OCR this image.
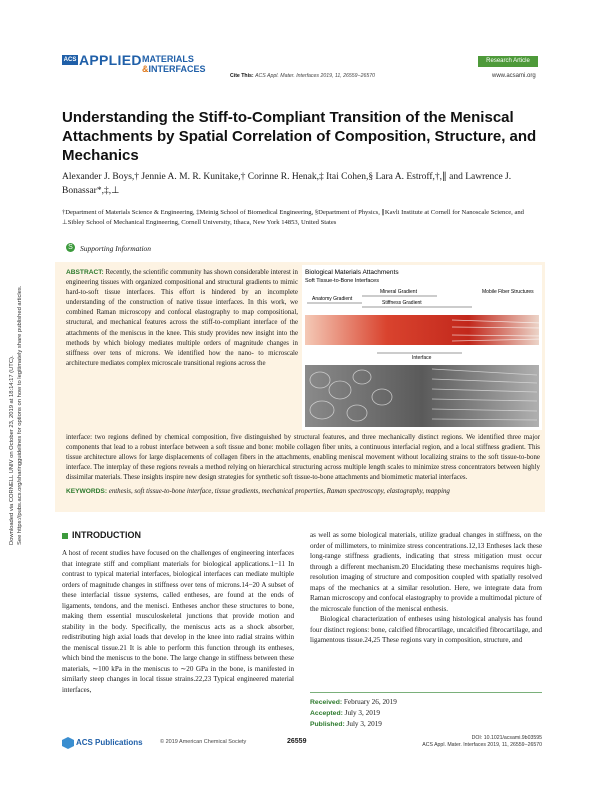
ACS APPLIED MATERIALS
&INTERFACES
Research Article
Cite This: ACS Appl. Mater. Interfaces 2019, 11, 26559−26570	www.acsami.org
Understanding the Stiff-to-Compliant Transition of the Meniscal Attachments by Spatial Correlation of Composition, Structure, and Mechanics
Alexander J. Boys,† Jennie A. M. R. Kunitake,† Corinne R. Henak,‡ Itai Cohen,§ Lara A. Estroff,†,∥ and Lawrence J. Bonassar*,‡,⊥
†Department of Materials Science & Engineering, ‡Meinig School of Biomedical Engineering, §Department of Physics, ∥Kavli Institute at Cornell for Nanoscale Science, and ⊥Sibley School of Mechanical Engineering, Cornell University, Ithaca, New York 14853, United States
S Supporting Information
ABSTRACT: Recently, the scientific community has shown considerable interest in engineering tissues with organized compositional and structural gradients to mimic hard-to-soft tissue interfaces. This effort is hindered by an incomplete understanding of the construction of native tissue interfaces. In this work, we combined Raman microscopy and confocal elastography to map compositional, structural, and mechanical features across the stiff-to-compliant interface of the attachments of the meniscus in the knee. This study provides new insight into the methods by which biology mediates multiple orders of magnitude changes in stiffness over tens of microns. We identified how the nano- to microscale architecture mediates complex microscale transitional regions across the
Biological Materials Attachments
Soft Tissue-to-Bone Interfaces
Mineral Gradient
Anatomy Gradient
Stiffness Gradient
Mobile Fiber Structures
Interface
interface: two regions defined by chemical composition, five distinguished by structural features, and three mechanically distinct regions. We identified three major components that lead to a robust interface between a soft tissue and bone: mobile collagen fiber units, a continuous interfacial region, and a local stiffness gradient. This tissue architecture allows for large displacements of collagen fibers in the attachments, enabling meniscal movement without localizing strains to the soft tissue-to-bone interface. The interplay of these regions reveals a method relying on hierarchical structuring across multiple length scales to minimize stress concentrators between highly dissimilar materials. These insights inspire new design strategies for synthetic soft tissue-to-bone attachments and biomimetic material interfaces.
KEYWORDS: enthesis, soft tissue-to-bone interface, tissue gradients, mechanical properties, Raman spectroscopy, elastography, mapping
INTRODUCTION
A host of recent studies have focused on the challenges of engineering interfaces that integrate stiff and compliant materials for biological applications.1−11 In contrast to typical material interfaces, biological interfaces can mediate multiple orders of magnitude changes in stiffness over tens of microns.14−20 A subset of these interfacial tissue systems, called entheses, are found at the ends of ligaments, tendons, and the menisci. Entheses anchor these structures to bone, making them essential musculoskeletal junctions that provide motion and stability in the body. Specifically, the meniscus acts as a shock absorber, redistributing high axial loads that develop in the knee into radial strains within the meniscal tissue.21 It is able to perform this function through its entheses, which bind the meniscus to the bone. The large change in stiffness between these materials, ∼100 kPa in the meniscus to ∼20 GPa in the bone, is manifested in similarly steep changes in local tissue strains.22,23 Typical engineered material interfaces,
as well as some biological materials, utilize gradual changes in stiffness, on the order of millimeters, to minimize stress concentrations.12,13 Entheses lack these long-range stiffness gradients, indicating that stress mitigation must occur through a different mechanism.20 Elucidating these mechanisms requires high-resolution imaging of structure and composition coupled with spatially resolved maps of the mechanics at a similar resolution. Here, we integrate data from Raman microscopy and confocal elastography to provide a multimodal picture of the microscale function of the meniscal enthesis.
Biological characterization of entheses using histological analysis has found four distinct regions: bone, calcified fibrocartilage, uncalcified fibrocartilage, and ligamentous tissue.24,25 These regions vary in composition, structure, and
Received: February 26, 2019
Accepted: July 3, 2019
Published: July 3, 2019
ACS Publications	© 2019 American Chemical Society	26559	DOI: 10.1021/acsami.9b03595
ACS Appl. Mater. Interfaces 2019, 11, 26559−26570
Downloaded via CORNELL UNIV on October 23, 2019 at 18:14:17 (UTC). See https://pubs.acs.org/sharingguidelines for options on how to legitimately share published articles.
